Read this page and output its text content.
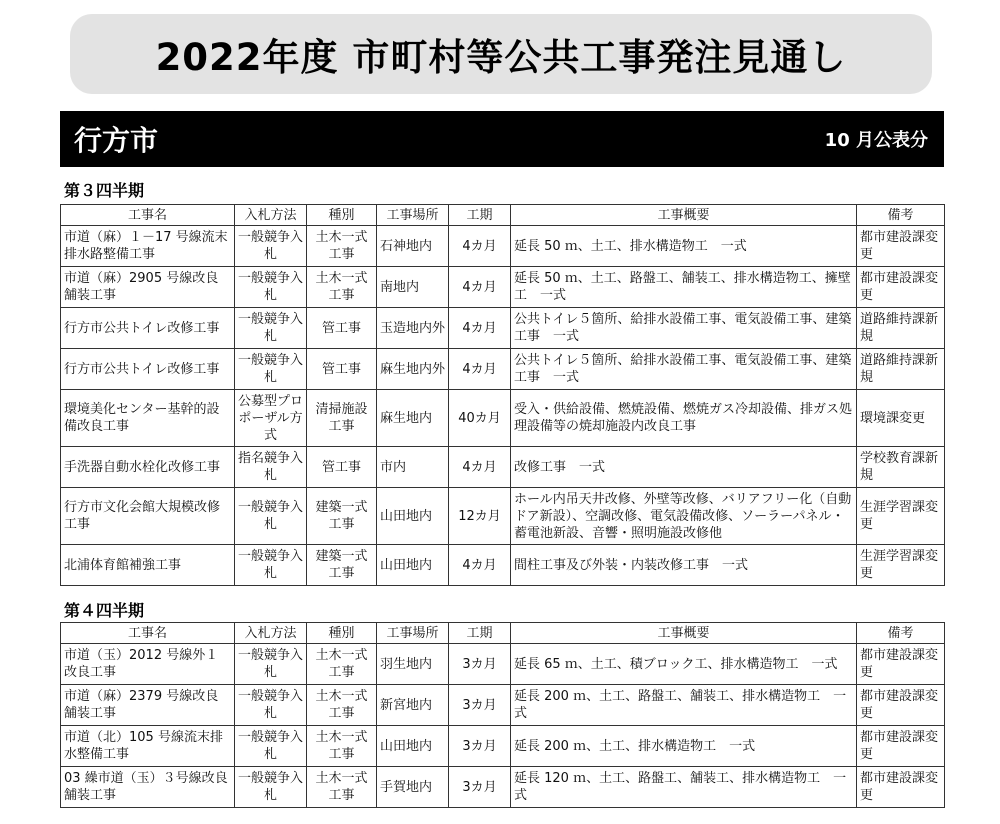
2022年度 市町村等公共工事発注見通し
行方市	10 月公表分
第３四半期
工事名	入札方法	種別	工事場所	工期	工事概要	備考
市道（麻）１－17 号線流末排水路整備工事	一般競争入札	土木一式工事	石神地内	4カ月	延長 50 ｍ、土工、排水構造物工　一式	都市建設課変更
市道（麻）2905 号線改良舗装工事	一般競争入札	土木一式工事	南地内	4カ月	延長 50 ｍ、土工、路盤工、舗装工、排水構造物工、擁壁工　一式	都市建設課変更
行方市公共トイレ改修工事	一般競争入札	管工事	玉造地内外	4カ月	公共トイレ５箇所、給排水設備工事、電気設備工事、建築工事　一式	道路維持課新規
行方市公共トイレ改修工事	一般競争入札	管工事	麻生地内外	4カ月	公共トイレ５箇所、給排水設備工事、電気設備工事、建築工事　一式	道路維持課新規
環境美化センター基幹的設備改良工事	公募型プロポーザル方式	清掃施設工事	麻生地内	40カ月	受入・供給設備、燃焼設備、燃焼ガス冷却設備、排ガス処理設備等の焼却施設内改良工事	環境課変更
手洗器自動水栓化改修工事	指名競争入札	管工事	市内	4カ月	改修工事　一式	学校教育課新規
行方市文化会館大規模改修工事	一般競争入札	建築一式工事	山田地内	12カ月	ホール内吊天井改修、外壁等改修、バリアフリー化（自動ドア新設）、空調改修、電気設備改修、ソーラーパネル・蓄電池新設、音響・照明施設改修他	生涯学習課変更
北浦体育館補強工事	一般競争入札	建築一式工事	山田地内	4カ月	間柱工事及び外装・内装改修工事　一式	生涯学習課変更
第４四半期
工事名	入札方法	種別	工事場所	工期	工事概要	備考
市道（玉）2012 号線外１改良工事	一般競争入札	土木一式工事	羽生地内	3カ月	延長 65 ｍ、土工、積ブロック工、排水構造物工　一式	都市建設課変更
市道（麻）2379 号線改良舗装工事	一般競争入札	土木一式工事	新宮地内	3カ月	延長 200 ｍ、土工、路盤工、舗装工、排水構造物工　一式	都市建設課変更
市道（北）105 号線流末排水整備工事	一般競争入札	土木一式工事	山田地内	3カ月	延長 200 ｍ、土工、排水構造物工　一式	都市建設課変更
03 繰市道（玉）３号線改良舗装工事	一般競争入札	土木一式工事	手賀地内	3カ月	延長 120 ｍ、土工、路盤工、舗装工、排水構造物工　一式	都市建設課変更
